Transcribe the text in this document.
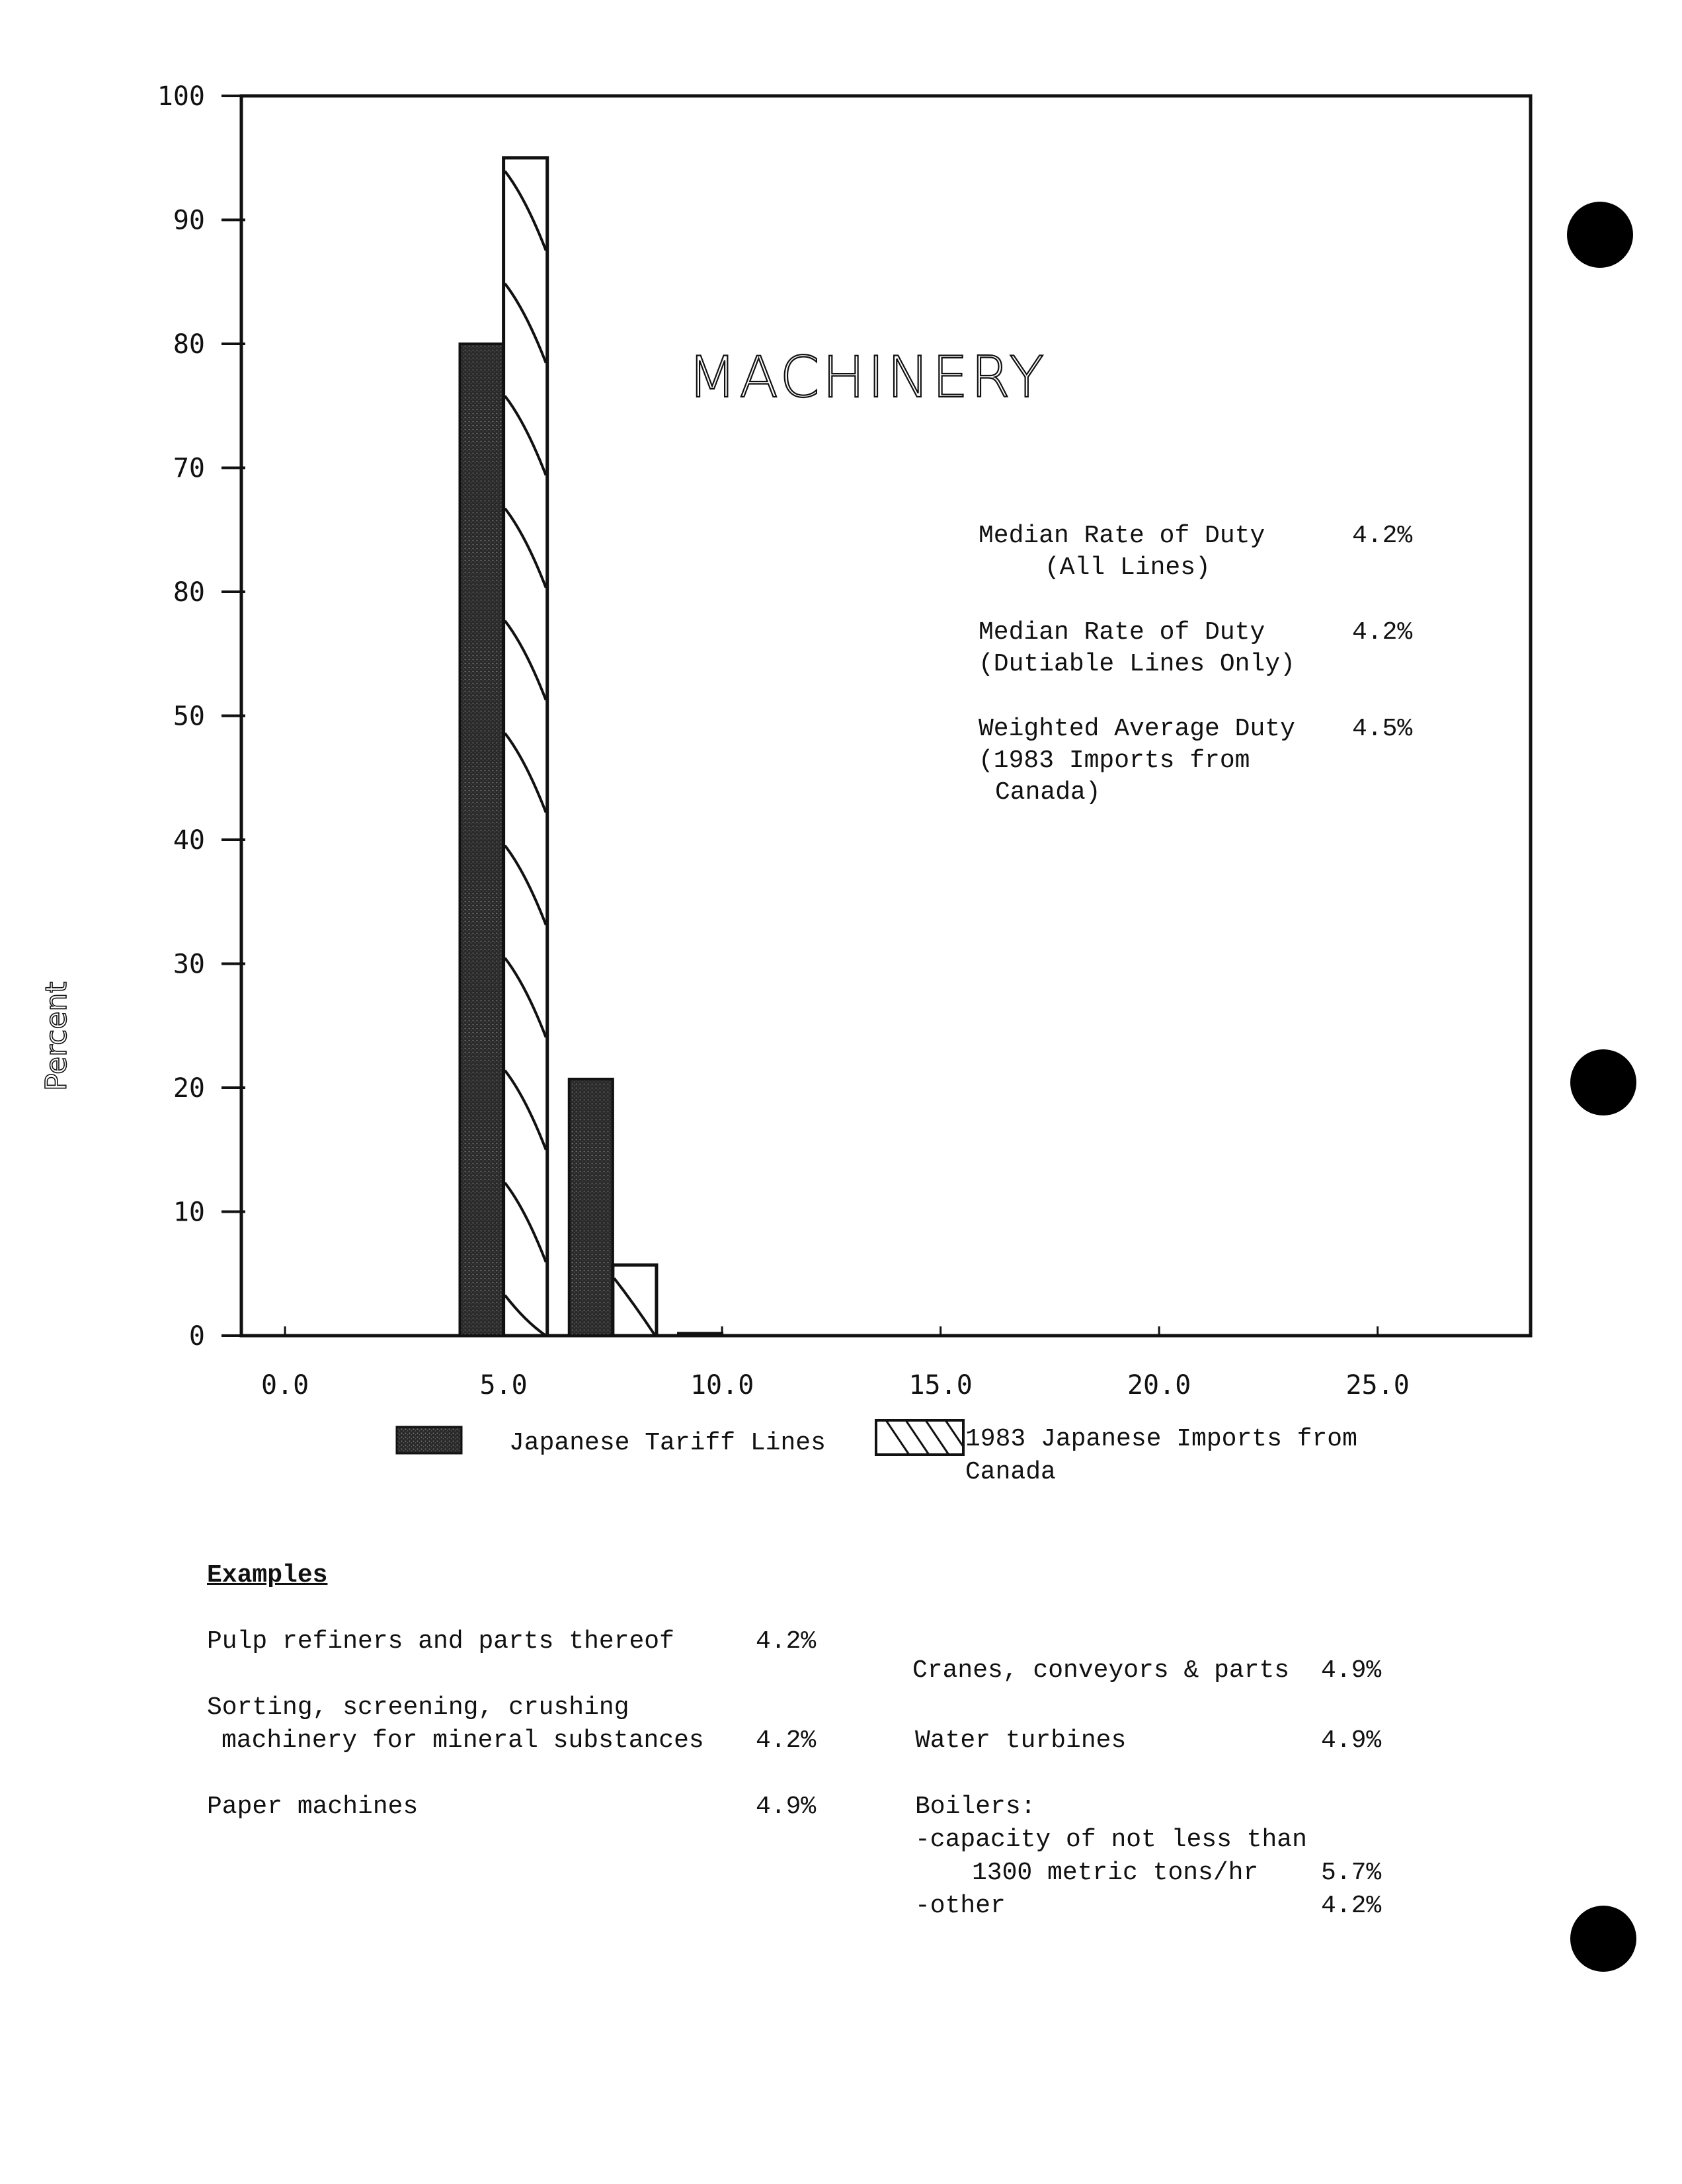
0
10
20
30
40
50
80
70
80
90
100
0.0	5.0	10.0	15.0	20.0	25.0
MACHINERY
Percent
Median Rate of Duty	4.2%
(All Lines)
Median Rate of Duty	4.2%
(Dutiable Lines Only)
Weighted Average Duty 4.5%
(1983 Imports from
Canada)
Japanese Tariff Lines	1983 Japanese Imports from
Canada
Examples
Pulp refiners and parts thereof	4.2%
Sorting, screening, crushing
machinery for mineral substances 4.2%
Paper machines	4.9%
Cranes, conveyors & parts 4.9%
Water turbines	4.9%
Boilers:
-capacity of not less than
1300 metric tons/hr 5.7%
-other	4.2%
